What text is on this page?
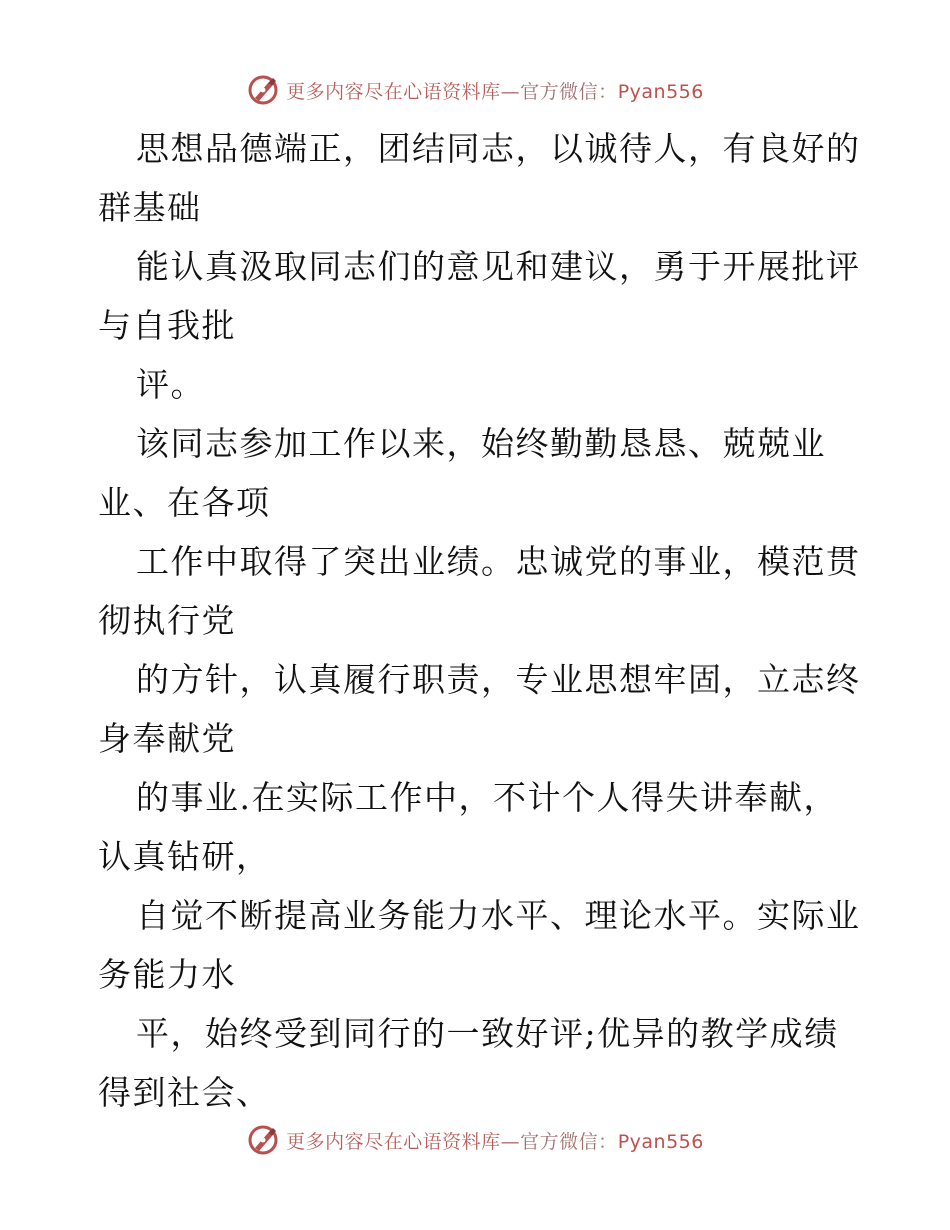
更多内容尽在心语资料库—官方微信：Pyan556
思想品德端正，团结同志，以诚待人，有良好的
群基础
能认真汲取同志们的意见和建议，勇于开展批评
与自我批
评。
该同志参加工作以来，始终勤勤恳恳、兢兢业
业、在各项
工作中取得了突出业绩。忠诚党的事业，模范贯
彻执行党
的方针，认真履行职责，专业思想牢固，立志终
身奉献党
的事业.在实际工作中，不计个人得失讲奉献，
认真钻研，
自觉不断提高业务能力水平、理论水平。实际业
务能力水
平，始终受到同行的一致好评;优异的教学成绩
得到社会、
更多内容尽在心语资料库—官方微信：Pyan556
